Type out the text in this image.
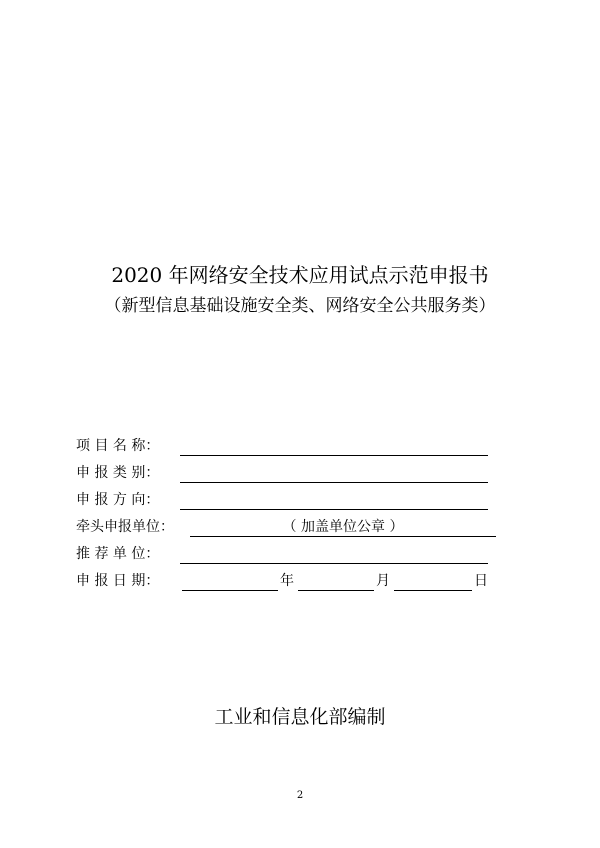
2020 年网络安全技术应用试点示范申报书
（新型信息基础设施安全类、网络安全公共服务类）
项 目 名 称：
申 报 类 别：
申 报 方 向：
牵头申报单位：	（ 加盖单位公章 ）
推 荐 单 位：
申 报 日 期：	年	月	日
工业和信息化部编制
2
